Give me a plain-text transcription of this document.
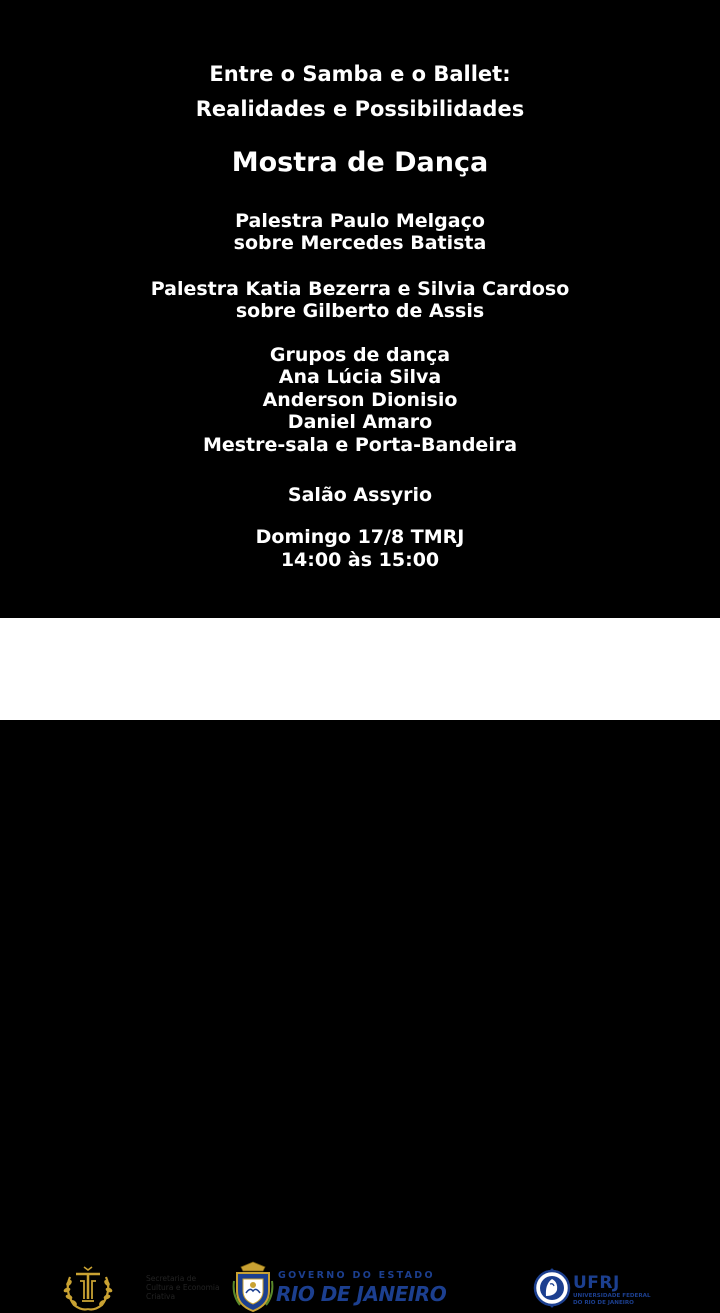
Entre o Samba e o Ballet:
Realidades e Possibilidades
Mostra de Dança
Palestra Paulo Melgaço
sobre Mercedes Batista
Palestra Katia Bezerra e Silvia Cardoso
sobre Gilberto de Assis
Grupos de dança
Ana Lúcia Silva
Anderson Dionisio
Daniel Amaro
Mestre-sala e Porta-Bandeira
Salão Assyrio
Domingo 17/8 TMRJ
14:00 às 15:00
Secretaria de
Cultura e Economia
Criativa
GOVERNO DO ESTADO
RIO DE JANEIRO	UFRJ
UNIVERSIDADE FEDERAL
DO RIO DE JANEIRO
